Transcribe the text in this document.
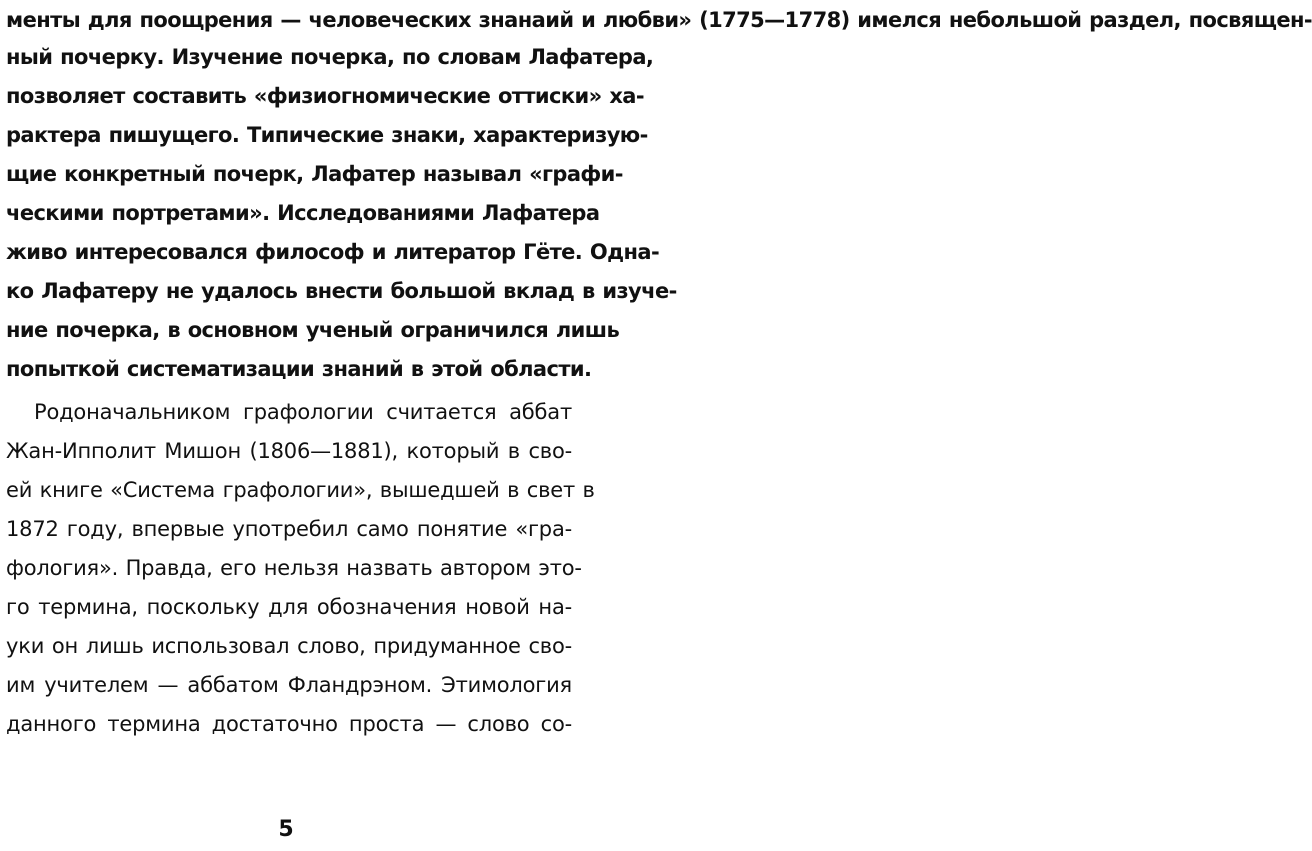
менты для поощрения — человеческих знанаий и любви» (1775—1778) имелся небольшой раздел, посвящен-
ный почерку. Изучение почерка, по словам Лафатера,
позволяет составить «физиогномические оттиски» ха-
рактера пишущего. Типические знаки, характеризую-
щие конкретный почерк, Лафатер называл «графи-
ческими портретами». Исследованиями Лафатера
живо интересовался философ и литератор Гёте. Одна-
ко Лафатеру не удалось внести большой вклад в изуче-
ние почерка, в основном ученый ограничился лишь
попыткой систематизации знаний в этой области.
Родоначальником графологии считается аббат
Жан-Ипполит Мишон (1806—1881), который в сво-
ей книге «Система графологии», вышедшей в свет в
1872 году, впервые употребил само понятие «гра-
фология». Правда, его нельзя назвать автором это-
го термина, поскольку для обозначения новой на-
уки он лишь использовал слово, придуманное сво-
им учителем — аббатом Фландрэном. Этимология
данного термина достаточно проста — слово со-
5
